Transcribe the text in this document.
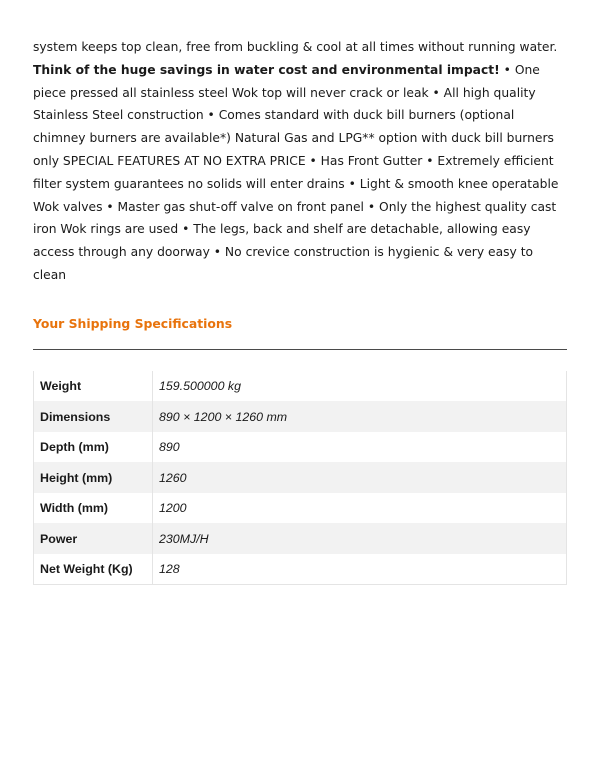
system keeps top clean, free from buckling & cool at all times without running water.
Think of the huge savings in water cost and environmental impact! • One piece pressed all stainless steel Wok top will never crack or leak • All high quality Stainless Steel construction • Comes standard with duck bill burners (optional chimney burners are available*) Natural Gas and LPG** option with duck bill burners only SPECIAL FEATURES AT NO EXTRA PRICE • Has Front Gutter • Extremely efficient filter system guarantees no solids will enter drains • Light & smooth knee operatable Wok valves • Master gas shut-off valve on front panel • Only the highest quality cast iron Wok rings are used • The legs, back and shelf are detachable, allowing easy access through any doorway • No crevice construction is hygienic & very easy to clean

Your Shipping Specifications
Weight	159.500000 kg
Dimensions	890 × 1200 × 1260 mm
Depth (mm)	890
Height (mm)	1260
Width (mm)	1200
Power	230MJ/H
Net Weight (Kg)	128
